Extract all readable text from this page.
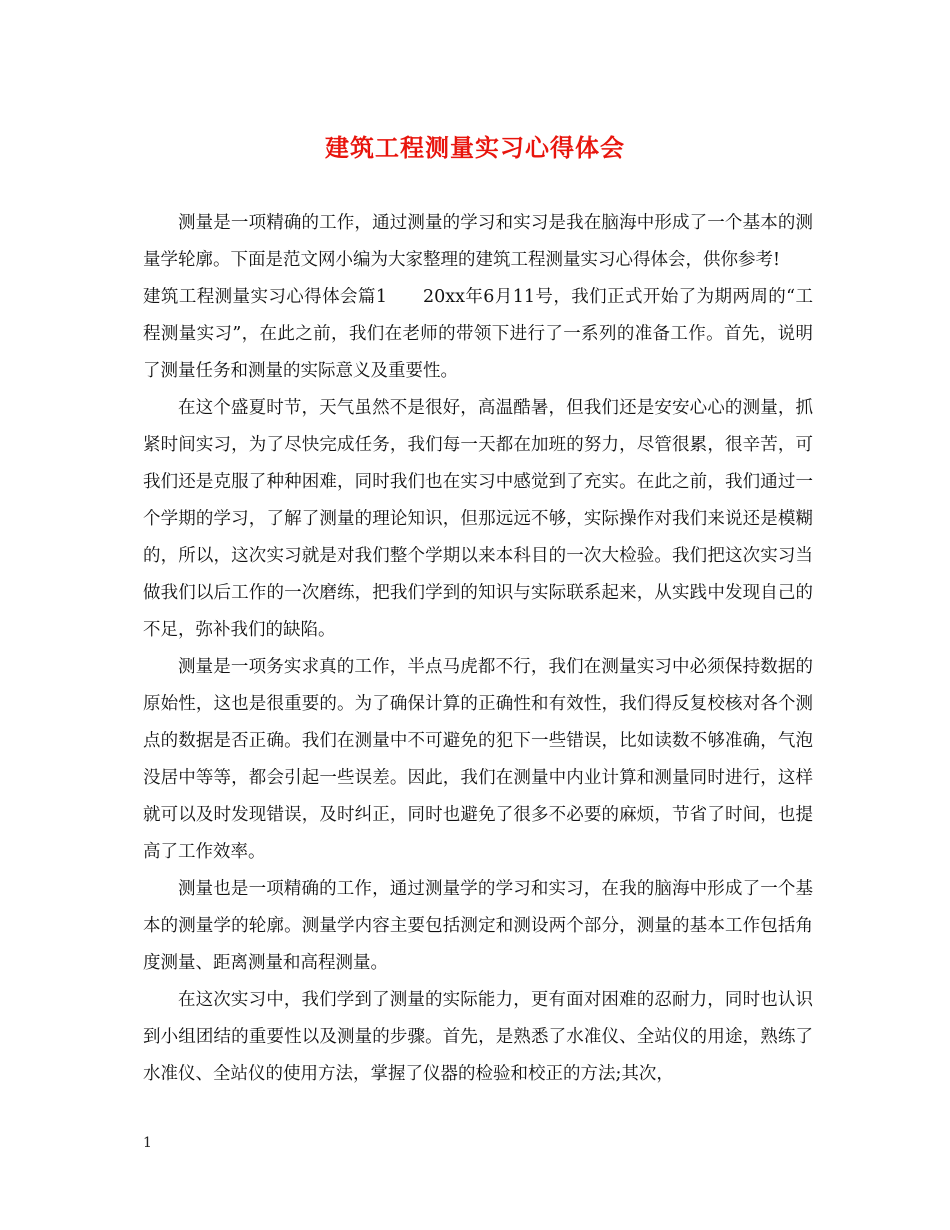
建筑工程测量实习心得体会

测量是一项精确的工作，通过测量的学习和实习是我在脑海中形成了一个基本的测量学轮廓。下面是范文网小编为大家整理的建筑工程测量实习心得体会，供你参考!

建筑工程测量实习心得体会篇1 20xx年6月11号，我们正式开始了为期两周的“工程测量实习”，在此之前，我们在老师的带领下进行了一系列的准备工作。首先，说明了测量任务和测量的实际意义及重要性。

在这个盛夏时节，天气虽然不是很好，高温酷暑，但我们还是安安心心的测量，抓紧时间实习，为了尽快完成任务，我们每一天都在加班的努力，尽管很累，很辛苦，可我们还是克服了种种困难，同时我们也在实习中感觉到了充实。在此之前，我们通过一个学期的学习，了解了测量的理论知识，但那远远不够，实际操作对我们来说还是模糊的，所以，这次实习就是对我们整个学期以来本科目的一次大检验。我们把这次实习当做我们以后工作的一次磨练，把我们学到的知识与实际联系起来，从实践中发现自己的不足，弥补我们的缺陷。

测量是一项务实求真的工作，半点马虎都不行，我们在测量实习中必须保持数据的原始性，这也是很重要的。为了确保计算的正确性和有效性，我们得反复校核对各个测点的数据是否正确。我们在测量中不可避免的犯下一些错误，比如读数不够准确，气泡没居中等等，都会引起一些误差。因此，我们在测量中内业计算和测量同时进行，这样就可以及时发现错误，及时纠正，同时也避免了很多不必要的麻烦，节省了时间，也提高了工作效率。

测量也是一项精确的工作，通过测量学的学习和实习，在我的脑海中形成了一个基本的测量学的轮廓。测量学内容主要包括测定和测设两个部分，测量的基本工作包括角度测量、距离测量和高程测量。

在这次实习中，我们学到了测量的实际能力，更有面对困难的忍耐力，同时也认识到小组团结的重要性以及测量的步骤。首先，是熟悉了水准仪、全站仪的用途，熟练了水准仪、全站仪的使用方法，掌握了仪器的检验和校正的方法;其次，

1
